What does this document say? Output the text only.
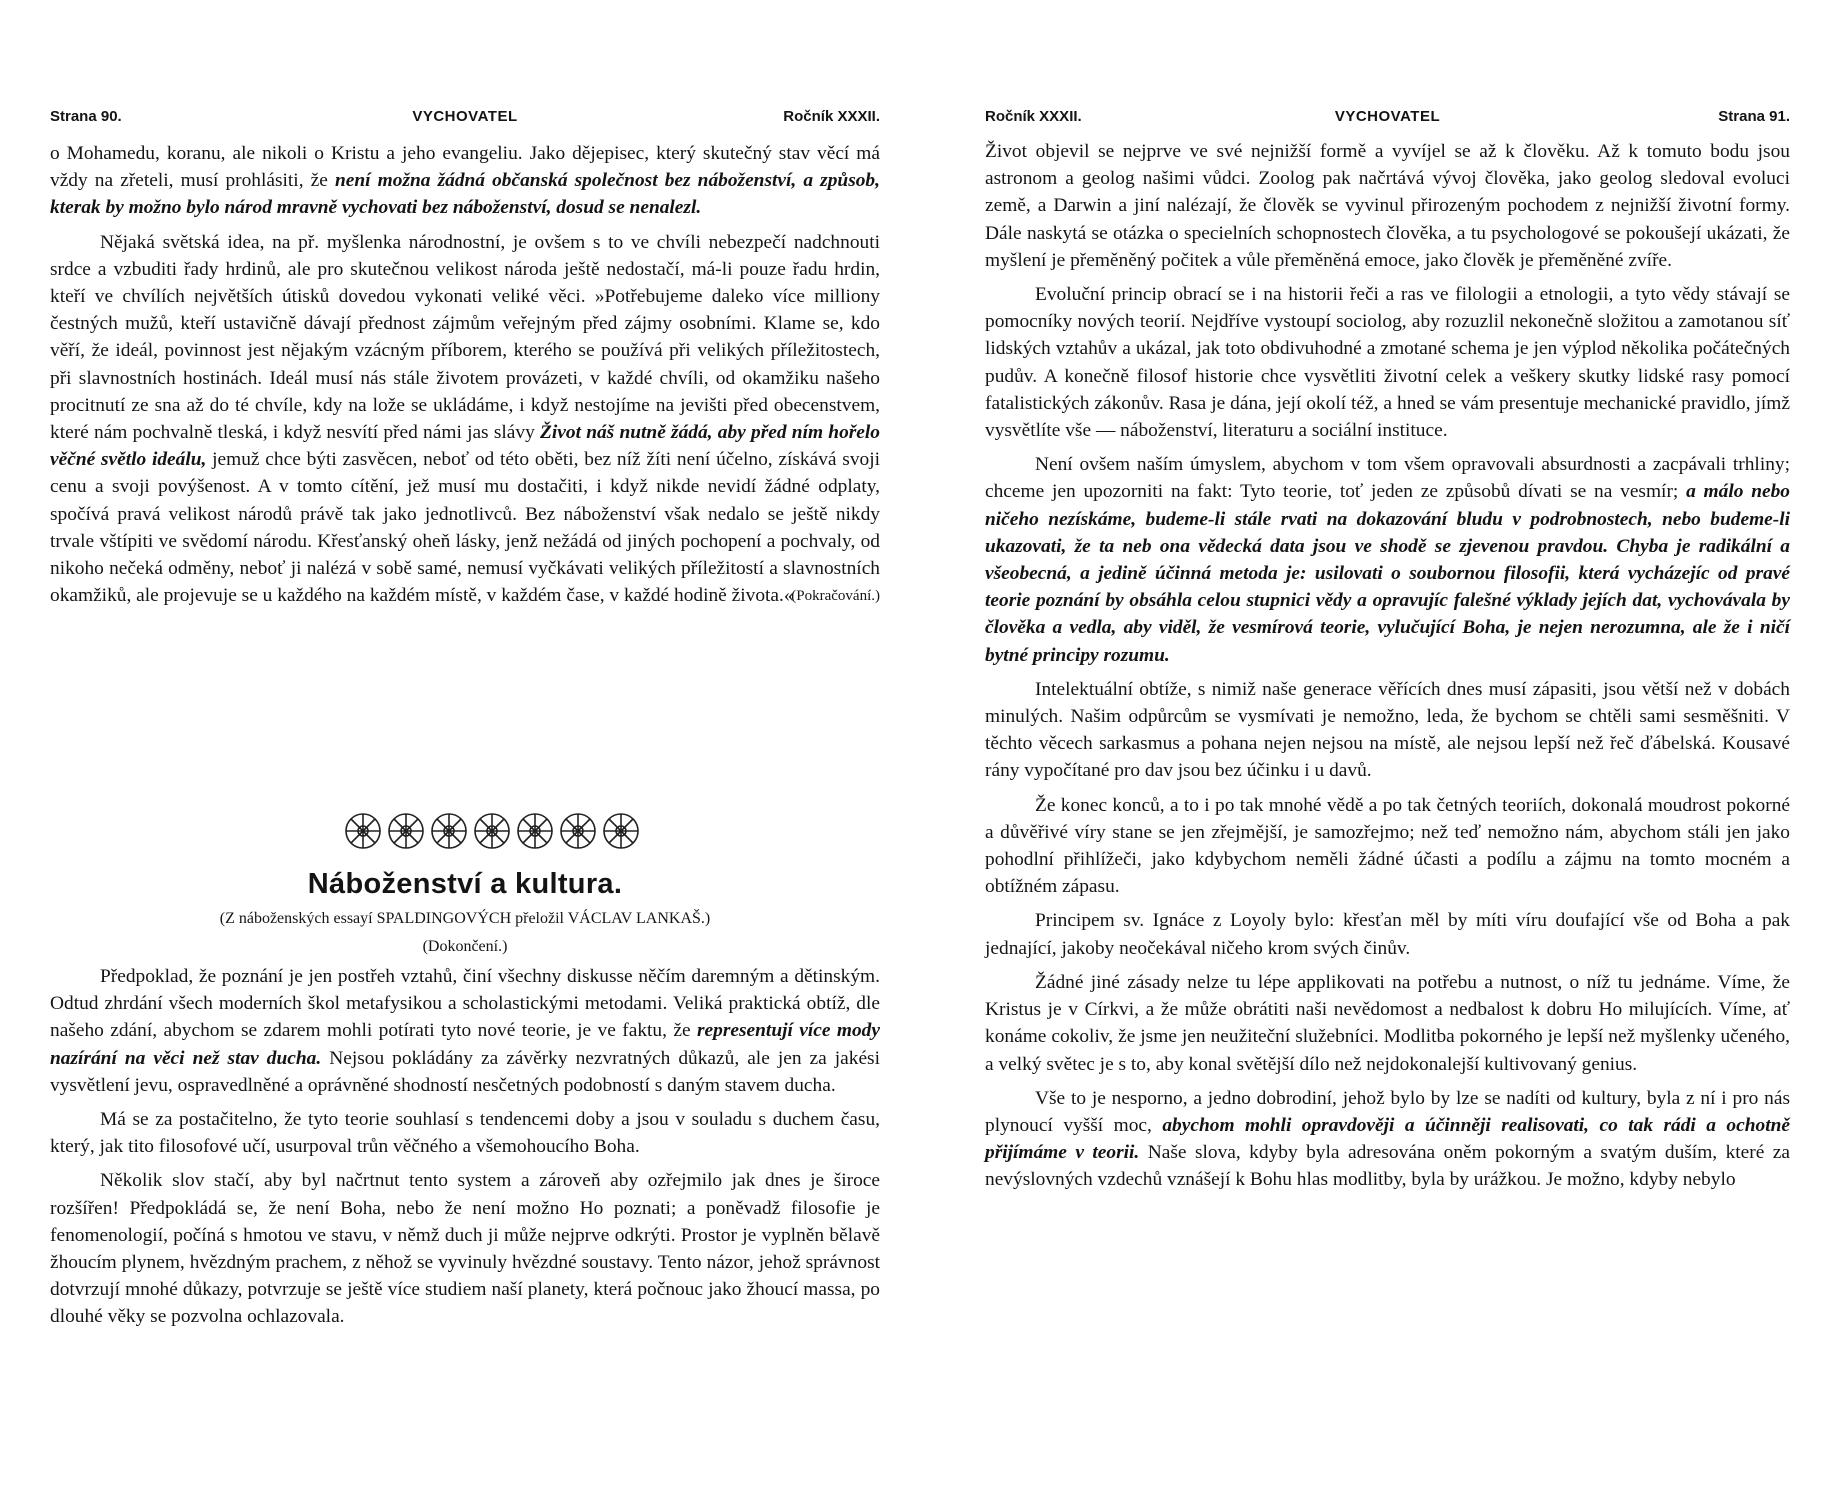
Strana 90.	VYCHOVATEL	Ročník XXXII.

o Mohamedu, koranu, ale nikoli o Kristu a jeho evangeliu. Jako dějepisec, který skutečný stav věcí má vždy na zřeteli, musí prohlásiti, že není možna žádná občanská společnost bez náboženství, a způsob, kterak by možno bylo národ mravně vychovati bez náboženství, dosud se nenalezl.

Nějaká světská idea, na př. myšlenka národnostní, je ovšem s to ve chvíli nebezpečí nadchnouti srdce a vzbuditi řady hrdinů, ale pro skutečnou velikost národa ještě nedostačí, má-li pouze řadu hrdin, kteří ve chvílích největších útisků dovedou vykonati veliké věci. »Potřebujeme daleko více milliony čestných mužů, kteří ustavičně dávají přednost zájmům veřejným před zájmy osobními. Klame se, kdo věří, že ideál, povinnost jest nějakým vzácným příborem, kterého se používá při velikých příležitostech, při slavnostních hostinách. Ideál musí nás stále životem provázeti, v každé chvíli, od okamžiku našeho procitnutí ze sna až do té chvíle, kdy na lože se ukládáme, i když nestojíme na jevišti před obecenstvem, které nám pochvalně tleská, i když nesvítí před námi jas slávy Život náš nutně žádá, aby před ním hořelo věčné světlo ideálu, jemuž chce býti zasvěcen, neboť od této oběti, bez níž žíti není účelno, získává svoji cenu a svoji povýšenost. A v tomto cítění, jež musí mu dostačiti, i když nikde nevidí žádné odplaty, spočívá pravá velikost národů právě tak jako jednotlivců. Bez náboženství však nedalo se ještě nikdy trvale vštípiti ve svědomí národu. Křesťanský oheň lásky, jenž nežádá od jiných pochopení a pochvaly, od nikoho nečeká odměny, neboť ji nalézá v sobě samé, nemusí vyčkávati velikých příležitostí a slavnostních okamžiků, ale projevuje se u každého na každém místě, v každém čase, v každé hodině života.«

(Pokračování.)
Náboženství a kultura.
(Z náboženských essayí SPALDINGOVÝCH přeložil VÁCLAV LANKAŠ.)
(Dokončení.)

Předpoklad, že poznání je jen postřeh vztahů, činí všechny diskusse něčím daremným a dětinským. Odtud zhrdání všech moderních škol metafysikou a scholastickými metodami. Veliká praktická obtíž, dle našeho zdání, abychom se zdarem mohli potírati tyto nové teorie, je ve faktu, že representují více mody nazírání na věci než stav ducha. Nejsou pokládány za závěrky nezvratných důkazů, ale jen za jakési vysvětlení jevu, ospravedlněné a oprávněné shodností nesčetných podobností s daným stavem ducha.

Má se za postačitelno, že tyto teorie souhlasí s tendencemi doby a jsou v souladu s duchem času, který, jak tito filosofové učí, usurpoval trůn věčného a všemohoucího Boha.

Několik slov stačí, aby byl načrtnut tento system a zároveň aby ozřejmilo jak dnes je široce rozšířen! Předpokládá se, že není Boha, nebo že není možno Ho poznati; a poněvadž filosofie je fenomenologií, počíná s hmotou ve stavu, v němž duch ji může nejprve odkrýti. Prostor je vyplněn bělavě žhoucím plynem, hvězdným prachem, z něhož se vyvinuly hvězdné soustavy. Tento názor, jehož správnost dotvrzují mnohé důkazy, potvrzuje se ještě více studiem naší planety, která počnouc jako žhoucí massa, po dlouhé věky se pozvolna ochlazovala.

Ročník XXXII.	VYCHOVATEL	Strana 91.

Život objevil se nejprve ve své nejnižší formě a vyvíjel se až k člověku. Až k tomuto bodu jsou astronom a geolog našimi vůdci. Zoolog pak načrtává vývoj člověka, jako geolog sledoval evoluci země, a Darwin a jiní nalézají, že člověk se vyvinul přirozeným pochodem z nejnižší životní formy. Dále naskytá se otázka o specielních schopnostech člověka, a tu psychologové se pokoušejí ukázati, že myšlení je přeměněný počitek a vůle přeměněná emoce, jako člověk je přeměněné zvíře.

Evoluční princip obrací se i na historii řeči a ras ve filologii a etnologii, a tyto vědy stávají se pomocníky nových teorií. Nejdříve vystoupí sociolog, aby rozuzlil nekonečně složitou a zamotanou síť lidských vztahův a ukázal, jak toto obdivuhodné a zmotané schema je jen výplod několika počátečných pudův. A konečně filosof historie chce vysvětliti životní celek a veškery skutky lidské rasy pomocí fatalistických zákonův. Rasa je dána, její okolí též, a hned se vám presentuje mechanické pravidlo, jímž vysvětlíte vše — náboženství, literaturu a sociální instituce.

Není ovšem naším úmyslem, abychom v tom všem opravovali absurdnosti a zacpávali trhliny; chceme jen upozorniti na fakt: Tyto teorie, toť jeden ze způsobů dívati se na vesmír; a málo nebo ničeho nezískáme, budeme-li stále rvati na dokazování bludu v podrobnostech, nebo budeme-li ukazovati, že ta neb ona vědecká data jsou ve shodě se zjevenou pravdou. Chyba je radikální a všeobecná, a jedině účinná metoda je: usilovati o soubornou filosofii, která vycházejíc od pravé teorie poznání by obsáhla celou stupnici vědy a opravujíc falešné výklady jejích dat, vychovávala by člověka a vedla, aby viděl, že vesmírová teorie, vylučující Boha, je nejen nerozumna, ale že i ničí bytné principy rozumu.

Intelektuální obtíže, s nimiž naše generace věřících dnes musí zápasiti, jsou větší než v dobách minulých. Našim odpůrcům se vysmívati je nemožno, leda, že bychom se chtěli sami sesměšniti. V těchto věcech sarkasmus a pohana nejen nejsou na místě, ale nejsou lepší než řeč ďábelská. Kousavé rány vypočítané pro dav jsou bez účinku i u davů.

Že konec konců, a to i po tak mnohé vědě a po tak četných teoriích, dokonalá moudrost pokorné a důvěřivé víry stane se jen zřejmější, je samozřejmo; než teď nemožno nám, abychom stáli jen jako pohodlní přihlížeči, jako kdybychom neměli žádné účasti a podílu a zájmu na tomto mocném a obtížném zápasu.

Principem sv. Ignáce z Loyoly bylo: křesťan měl by míti víru doufající vše od Boha a pak jednající, jakoby neočekával ničeho krom svých činův.

Žádné jiné zásady nelze tu lépe applikovati na potřebu a nutnost, o níž tu jednáme. Víme, že Kristus je v Církvi, a že může obrátiti naši nevědomost a nedbalost k dobru Ho milujících. Víme, ať konáme cokoliv, že jsme jen neužiteční služebníci. Modlitba pokorného je lepší než myšlenky učeného, a velký světec je s to, aby konal světější dílo než nejdokonalejší kultivovaný genius.

Vše to je nesporno, a jedno dobrodiní, jehož bylo by lze se nadíti od kultury, byla z ní i pro nás plynoucí vyšší moc, abychom mohli opravdověji a účinněji realisovati, co tak rádi a ochotně přijímáme v teorii. Naše slova, kdyby byla adresována oněm pokorným a svatým duším, které za nevýslovných vzdechů vznášejí k Bohu hlas modlitby, byla by urážkou. Je možno, kdyby nebylo
